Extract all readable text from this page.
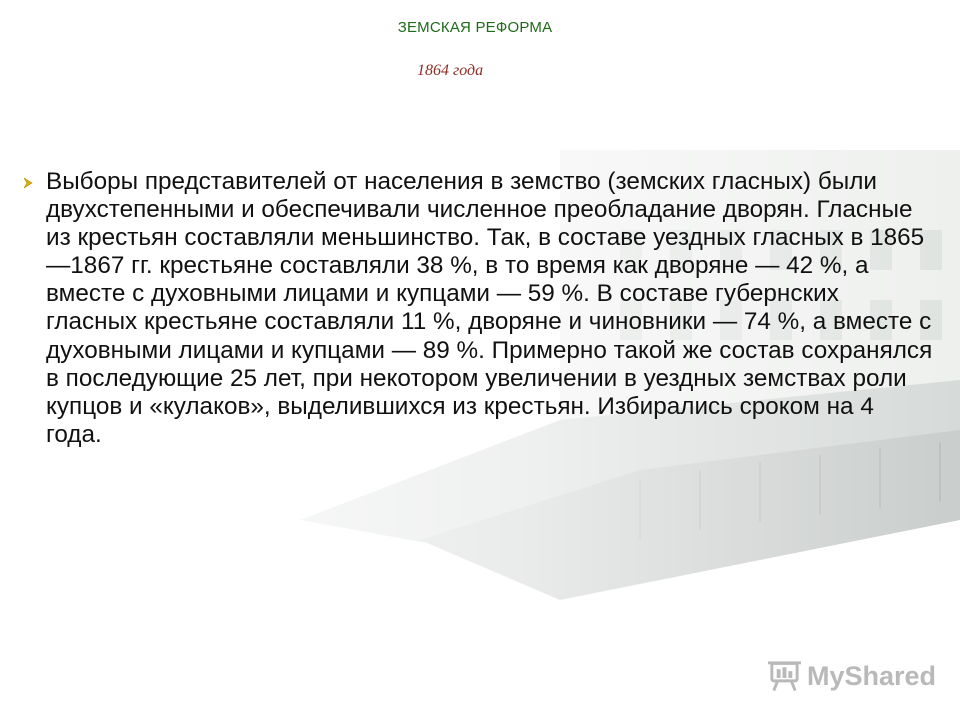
ЗЕМСКАЯ РЕФОРМА
1864 года
Выборы представителей от населения в земство (земских гласных) были двухстепенными и обеспечивали численное преобладание дворян. Гласные из крестьян составляли меньшинство. Так, в составе уездных гласных в 1865—1867 гг. крестьяне составляли 38 %, в то время как дворяне — 42 %, а вместе с духовными лицами и купцами — 59 %. В составе губернских гласных крестьяне составляли 11 %, дворяне и чиновники — 74 %, а вместе с духовными лицами и купцами — 89 %. Примерно такой же состав сохранялся в последующие 25 лет, при некотором увеличении в уездных земствах роли купцов и «кулаков», выделившихся из крестьян. Избирались сроком на 4 года.
MyShared
